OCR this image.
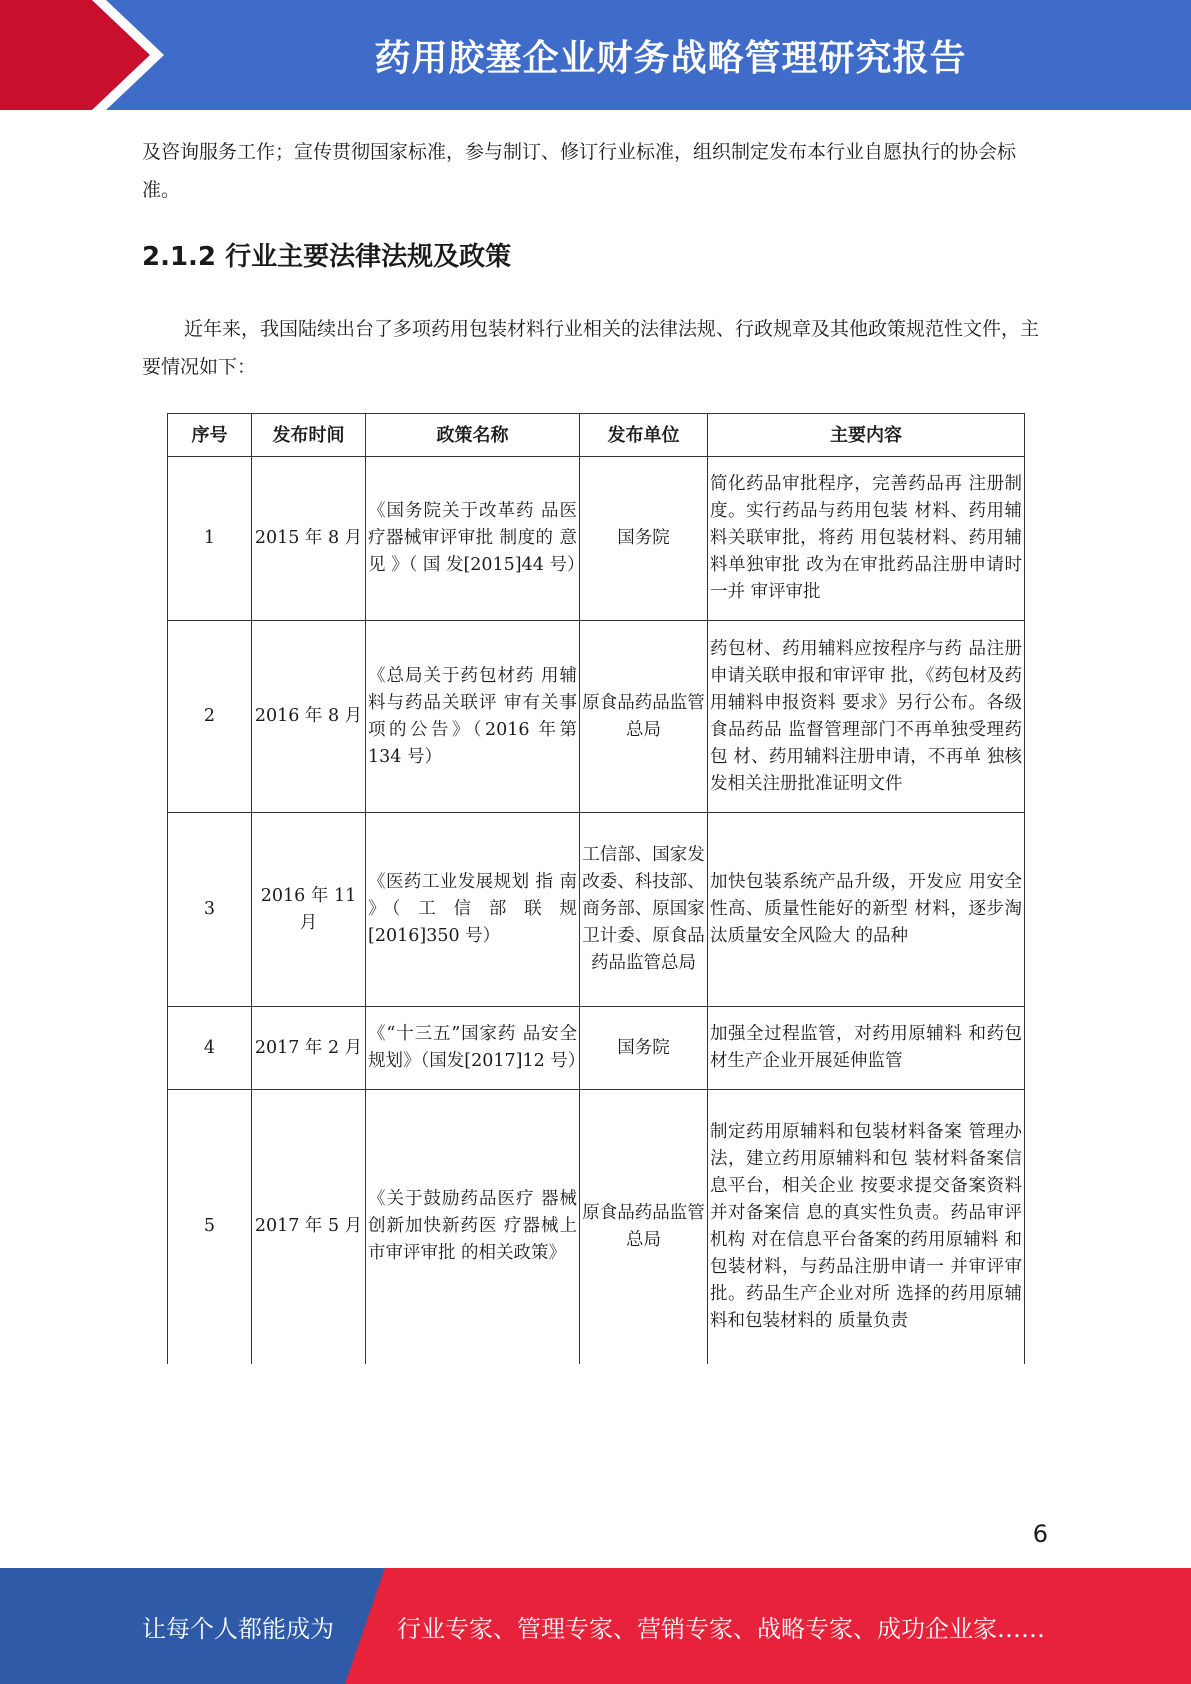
药用胶塞企业财务战略管理研究报告

及咨询服务工作；宣传贯彻国家标准，参与制订、修订行业标准，组织制定发布本行业自愿执行的协会标准。

2.1.2 行业主要法律法规及政策

近年来，我国陆续出台了多项药用包装材料行业相关的法律法规、行政规章及其他政策规范性文件，主要情况如下：

序号	发布时间	政策名称	发布单位	主要内容
1	2015 年 8 月	《国务院关于改革药 品医疗器械审评审批 制度的 意 见 》（ 国 发[2015]44 号）	国务院	简化药品审批程序，完善药品再 注册制度。实行药品与药用包装 材料、药用辅料关联审批，将药 用包装材料、药用辅料单独审批 改为在审批药品注册申请时一并 审评审批
2	2016 年 8 月	《总局关于药包材药 用辅料与药品关联评 审有关事项的公告》（2016 年第 134 号）	原食品药品监管总局	药包材、药用辅料应按程序与药 品注册申请关联申报和审评审 批，《药包材及药用辅料申报资料 要求》另行公布。各级食品药品 监督管理部门不再单独受理药包 材、药用辅料注册申请，不再单 独核发相关注册批准证明文件
3	2016 年 11 月	《医药工业发展规划 指 南 》（ 工 信 部 联 规[2016]350 号）	工信部、国家发改委、科技部、商务部、原国家卫计委、原食品药品监管总局	加快包装系统产品升级，开发应 用安全性高、质量性能好的新型 材料，逐步淘汰质量安全风险大 的品种
4	2017 年 2 月	《“十三五”国家药 品安全规划》（国发[2017]12 号）	国务院	加强全过程监管，对药用原辅料 和药包材生产企业开展延伸监管
5	2017 年 5 月	《关于鼓励药品医疗 器械创新加快新药医 疗器械上市审评审批 的相关政策》	原食品药品监管总局	制定药用原辅料和包装材料备案 管理办法，建立药用原辅料和包 装材料备案信息平台，相关企业 按要求提交备案资料并对备案信 息的真实性负责。药品审评机构 对在信息平台备案的药用原辅料 和包装材料，与药品注册申请一 并审评审批。药品生产企业对所 选择的药用原辅料和包装材料的 质量负责
6
让每个人都能成为	行业专家、管理专家、营销专家、战略专家、成功企业家……
